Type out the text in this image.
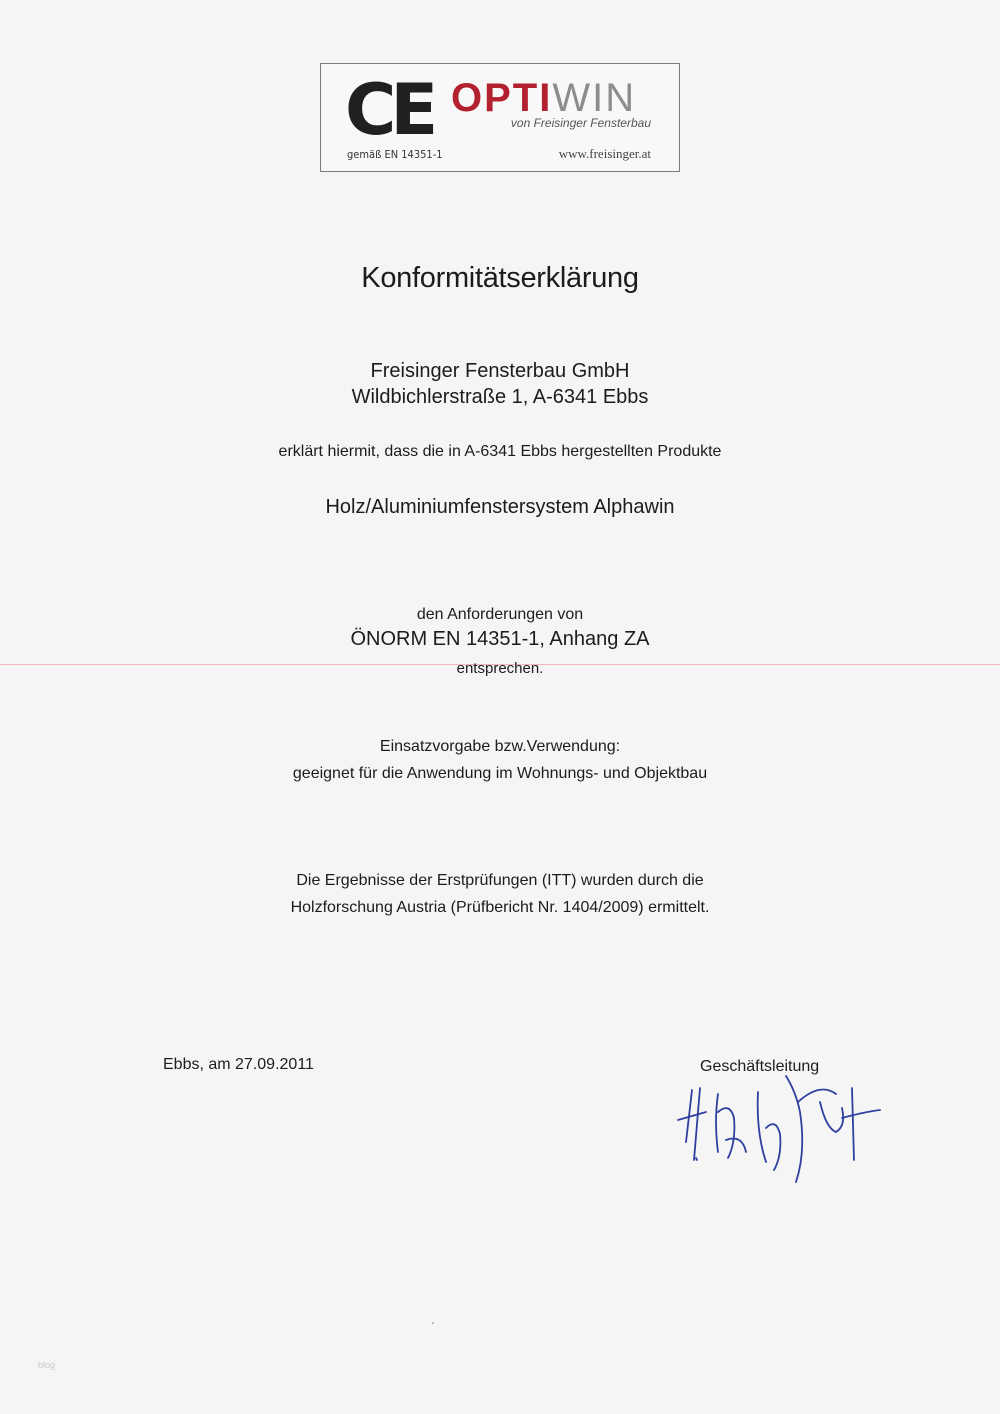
CE
gemäß EN 14351-1
OPTIWIN
von Freisinger Fensterbau
www.freisinger.at
Konformitätserklärung
Freisinger Fensterbau GmbH
Wildbichlerstraße 1, A-6341 Ebbs
erklärt hiermit, dass die in A-6341 Ebbs hergestellten Produkte
Holz/Aluminiumfenstersystem Alphawin
den Anforderungen von
ÖNORM EN 14351-1, Anhang ZA
entsprechen.
Einsatzvorgabe bzw.Verwendung:
geeignet für die Anwendung im Wohnungs- und Objektbau
Die Ergebnisse der Erstprüfungen (ITT) wurden durch die
Holzforschung Austria (Prüfbericht Nr. 1404/2009) ermittelt.
Ebbs, am 27.09.2011	Geschäftsleitung
blog
